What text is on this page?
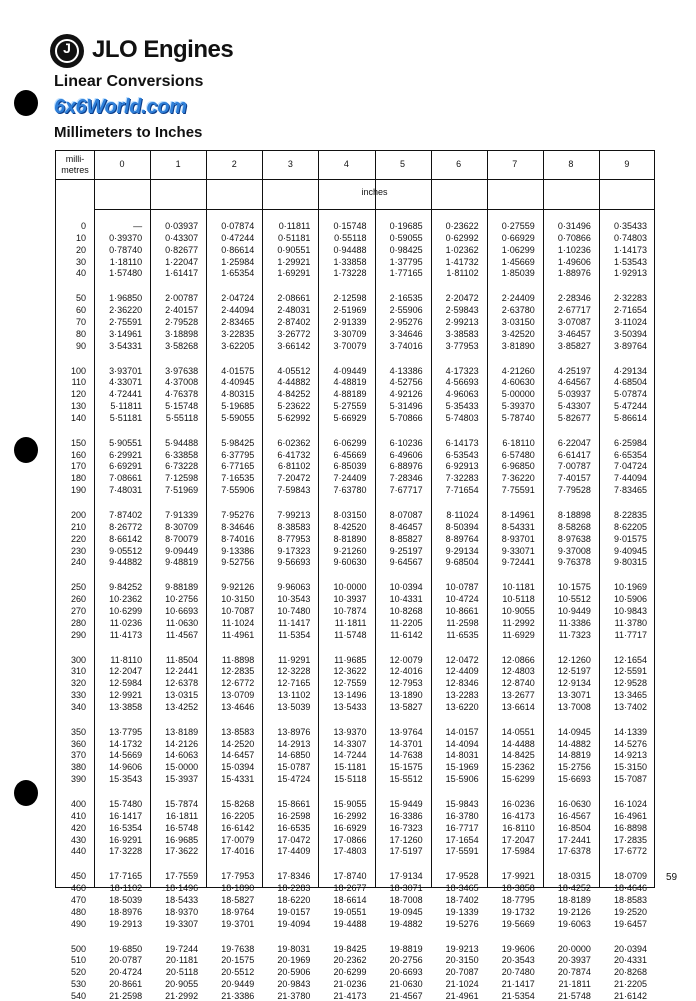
J JLO Engines
Linear Conversions
6x6World.com
Millimeters to Inches
milli-
metres
0	1	2	3	4	5	6	7	8	9
inches
0	—	0·03937	0·07874	0·11811	0·15748	0·19685	0·23622	0·27559	0·31496	0·35433
10	0·39370	0·43307	0·47244	0·51181	0·55118	0·59055	0·62992	0·66929	0·70866	0·74803
20	0·78740	0·82677	0·86614	0·90551	0·94488	0·98425	1·02362	1·06299	1·10236	1·14173
30	1·18110	1·22047	1·25984	1·29921	1·33858	1·37795	1·41732	1·45669	1·49606	1·53543
40	1·57480	1·61417	1·65354	1·69291	1·73228	1·77165	1·81102	1·85039	1·88976	1·92913
50	1·96850	2·00787	2·04724	2·08661	2·12598	2·16535	2·20472	2·24409	2·28346	2·32283
60	2·36220	2·40157	2·44094	2·48031	2·51969	2·55906	2·59843	2·63780	2·67717	2·71654
70	2·75591	2·79528	2·83465	2·87402	2·91339	2·95276	2·99213	3·03150	3·07087	3·11024
80	3·14961	3·18898	3·22835	3·26772	3·30709	3·34646	3·38583	3·42520	3·46457	3·50394
90	3·54331	3·58268	3·62205	3·66142	3·70079	3·74016	3·77953	3·81890	3·85827	3·89764
100	3·93701	3·97638	4·01575	4·05512	4·09449	4·13386	4·17323	4·21260	4·25197	4·29134
110	4·33071	4·37008	4·40945	4·44882	4·48819	4·52756	4·56693	4·60630	4·64567	4·68504
120	4·72441	4·76378	4·80315	4·84252	4·88189	4·92126	4·96063	5·00000	5·03937	5·07874
130	5·11811	5·15748	5·19685	5·23622	5·27559	5·31496	5·35433	5·39370	5·43307	5·47244
140	5·51181	5·55118	5·59055	5·62992	5·66929	5·70866	5·74803	5·78740	5·82677	5·86614
150	5·90551	5·94488	5·98425	6·02362	6·06299	6·10236	6·14173	6·18110	6·22047	6·25984
160	6·29921	6·33858	6·37795	6·41732	6·45669	6·49606	6·53543	6·57480	6·61417	6·65354
170	6·69291	6·73228	6·77165	6·81102	6·85039	6·88976	6·92913	6·96850	7·00787	7·04724
180	7·08661	7·12598	7·16535	7·20472	7·24409	7·28346	7·32283	7·36220	7·40157	7·44094
190	7·48031	7·51969	7·55906	7·59843	7·63780	7·67717	7·71654	7·75591	7·79528	7·83465
200	7·87402	7·91339	7·95276	7·99213	8·03150	8·07087	8·11024	8·14961	8·18898	8·22835
210	8·26772	8·30709	8·34646	8·38583	8·42520	8·46457	8·50394	8·54331	8·58268	8·62205
220	8·66142	8·70079	8·74016	8·77953	8·81890	8·85827	8·89764	8·93701	8·97638	9·01575
230	9·05512	9·09449	9·13386	9·17323	9·21260	9·25197	9·29134	9·33071	9·37008	9·40945
240	9·44882	9·48819	9·52756	9·56693	9·60630	9·64567	9·68504	9·72441	9·76378	9·80315
250	9·84252	9·88189	9·92126	9·96063	10·0000	10·0394	10·0787	10·1181	10·1575	10·1969
260	10·2362	10·2756	10·3150	10·3543	10·3937	10·4331	10·4724	10·5118	10·5512	10·5906
270	10·6299	10·6693	10·7087	10·7480	10·7874	10·8268	10·8661	10·9055	10·9449	10·9843
280	11·0236	11·0630	11·1024	11·1417	11·1811	11·2205	11·2598	11·2992	11·3386	11·3780
290	11·4173	11·4567	11·4961	11·5354	11·5748	11·6142	11·6535	11·6929	11·7323	11·7717
300	11·8110	11·8504	11·8898	11·9291	11·9685	12·0079	12·0472	12·0866	12·1260	12·1654
310	12·2047	12·2441	12·2835	12·3228	12·3622	12·4016	12·4409	12·4803	12·5197	12·5591
320	12·5984	12·6378	12·6772	12·7165	12·7559	12·7953	12·8346	12·8740	12·9134	12·9528
330	12·9921	13·0315	13·0709	13·1102	13·1496	13·1890	13·2283	13·2677	13·3071	13·3465
340	13·3858	13·4252	13·4646	13·5039	13·5433	13·5827	13·6220	13·6614	13·7008	13·7402
350	13·7795	13·8189	13·8583	13·8976	13·9370	13·9764	14·0157	14·0551	14·0945	14·1339
360	14·1732	14·2126	14·2520	14·2913	14·3307	14·3701	14·4094	14·4488	14·4882	14·5276
370	14·5669	14·6063	14·6457	14·6850	14·7244	14·7638	14·8031	14·8425	14·8819	14·9213
380	14·9606	15·0000	15·0394	15·0787	15·1181	15·1575	15·1969	15·2362	15·2756	15·3150
390	15·3543	15·3937	15·4331	15·4724	15·5118	15·5512	15·5906	15·6299	15·6693	15·7087
400	15·7480	15·7874	15·8268	15·8661	15·9055	15·9449	15·9843	16·0236	16·0630	16·1024
410	16·1417	16·1811	16·2205	16·2598	16·2992	16·3386	16·3780	16·4173	16·4567	16·4961
420	16·5354	16·5748	16·6142	16·6535	16·6929	16·7323	16·7717	16·8110	16·8504	16·8898
430	16·9291	16·9685	17·0079	17·0472	17·0866	17·1260	17·1654	17·2047	17·2441	17·2835
440	17·3228	17·3622	17·4016	17·4409	17·4803	17·5197	17·5591	17·5984	17·6378	17·6772
450	17·7165	17·7559	17·7953	17·8346	17·8740	17·9134	17·9528	17·9921	18·0315	18·0709
460	18·1102	18·1496	18·1890	18·2283	18·2677	18·3071	18·3465	18·3858	18·4252	18·4646
470	18·5039	18·5433	18·5827	18·6220	18·6614	18·7008	18·7402	18·7795	18·8189	18·8583
480	18·8976	18·9370	18·9764	19·0157	19·0551	19·0945	19·1339	19·1732	19·2126	19·2520
490	19·2913	19·3307	19·3701	19·4094	19·4488	19·4882	19·5276	19·5669	19·6063	19·6457
500	19·6850	19·7244	19·7638	19·8031	19·8425	19·8819	19·9213	19·9606	20·0000	20·0394
510	20·0787	20·1181	20·1575	20·1969	20·2362	20·2756	20·3150	20·3543	20·3937	20·4331
520	20·4724	20·5118	20·5512	20·5906	20·6299	20·6693	20·7087	20·7480	20·7874	20·8268
530	20·8661	20·9055	20·9449	20·9843	21·0236	21·0630	21·1024	21·1417	21·1811	21·2205
540	21·2598	21·2992	21·3386	21·3780	21·4173	21·4567	21·4961	21·5354	21·5748	21·6142
59
